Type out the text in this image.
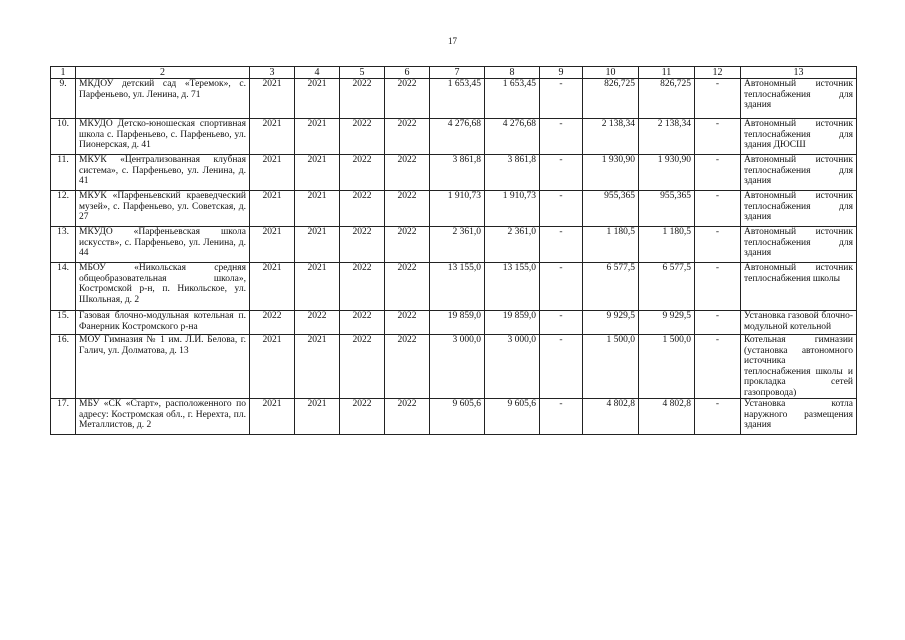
17
1	2	3	4	5	6	7	8	9	10	11	12	13
9.	МКДОУ детский сад «Теремок», с. Парфеньево, ул. Ленина, д. 71	2021	2021	2022	2022	1 653,45	1 653,45	-	826,725	826,725	-	Автономный источник теплоснабжения для здания
10.	МКУДО Детско-юношеская спортивная школа с. Парфеньево, с. Парфеньево, ул. Пионерская, д. 41	2021	2021	2022	2022	4 276,68	4 276,68	-	2 138,34	2 138,34	-	Автономный источник теплоснабжения для здания ДЮСШ
11.	МКУК «Централизованная клубная система», с. Парфеньево, ул. Ленина, д. 41	2021	2021	2022	2022	3 861,8	3 861,8	-	1 930,90	1 930,90	-	Автономный источник теплоснабжения для здания
12.	МКУК «Парфеньевский краеведческий музей», с. Парфеньево, ул. Советская, д. 27	2021	2021	2022	2022	1 910,73	1 910,73	-	955,365	955,365	-	Автономный источник теплоснабжения для здания
13.	МКУДО «Парфеньевская школа искусств», с. Парфеньево, ул. Ленина, д. 44	2021	2021	2022	2022	2 361,0	2 361,0	-	1 180,5	1 180,5	-	Автономный источник теплоснабжения для здания
14.	МБОУ «Никольская средняя общеобразовательная школа», Костромской р-н, п. Никольское, ул. Школьная, д. 2	2021	2021	2022	2022	13 155,0	13 155,0	-	6 577,5	6 577,5	-	Автономный источник теплоснабжения школы
15.	Газовая блочно-модульная котельная п. Фанерник Костромского р-на	2022	2022	2022	2022	19 859,0	19 859,0	-	9 929,5	9 929,5	-	Установка газовой блочно-модульной котельной
16.	МОУ Гимназия № 1 им. Л.И. Белова, г. Галич, ул. Долматова, д. 13	2021	2021	2022	2022	3 000,0	3 000,0	-	1 500,0	1 500,0	-	Котельная гимназии (установка автономного источника теплоснабжения школы и прокладка сетей газопровода)
17.	МБУ «СК «Старт», расположенного по адресу: Костромская обл., г. Нерехта, пл. Металлистов, д. 2	2021	2021	2022	2022	9 605,6	9 605,6	-	4 802,8	4 802,8	-	Установка котла наружного размещения здания
